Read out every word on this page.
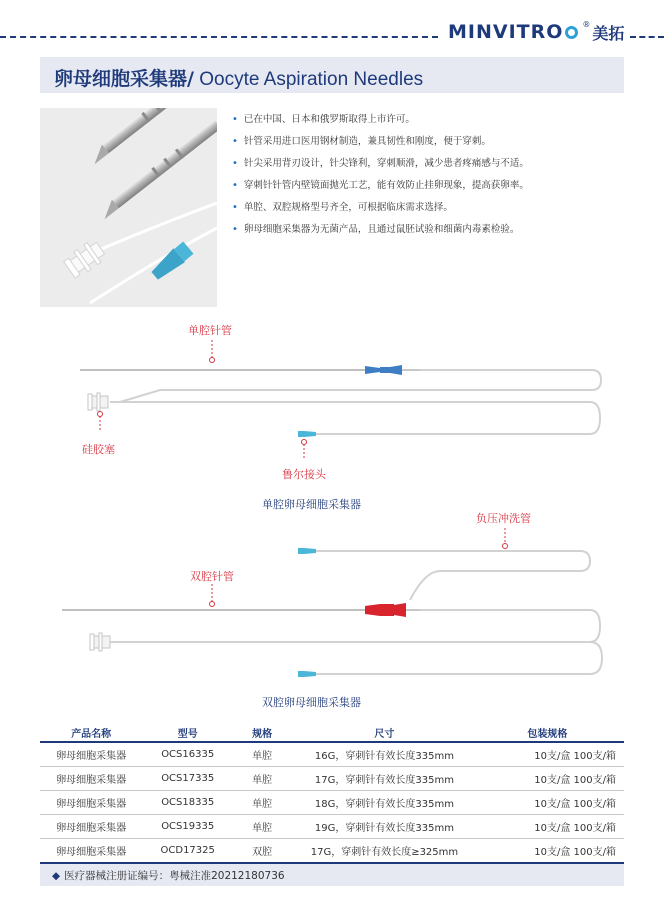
MINVITRO ® 美拓
卵母细胞采集器/ Oocyte Aspiration Needles
• 已在中国、日本和俄罗斯取得上市许可。
• 针管采用进口医用钢材制造，兼具韧性和刚度，便于穿刺。
• 针尖采用背刃设计，针尖锋利，穿刺顺滑，减少患者疼痛感与不适。
• 穿刺针针管内壁镜面抛光工艺，能有效防止挂卵现象，提高获卵率。
• 单腔、双腔规格型号齐全，可根据临床需求选择。
• 卵母细胞采集器为无菌产品，且通过鼠胚试验和细菌内毒素检验。
单腔针管
硅胶塞
鲁尔接头
单腔卵母细胞采集器
负压冲洗管
双腔针管
双腔卵母细胞采集器
产品名称	型号	规格	尺寸	包装规格
卵母细胞采集器	OCS16335	单腔	16G，穿刺针有效长度335mm	10支/盒 100支/箱
卵母细胞采集器	OCS17335	单腔	17G，穿刺针有效长度335mm	10支/盒 100支/箱
卵母细胞采集器	OCS18335	单腔	18G，穿刺针有效长度335mm	10支/盒 100支/箱
卵母细胞采集器	OCS19335	单腔	19G，穿刺针有效长度335mm	10支/盒 100支/箱
卵母细胞采集器	OCD17325	双腔	17G，穿刺针有效长度≥325mm	10支/盒 100支/箱
◆ 医疗器械注册证编号：粤械注准20212180736
